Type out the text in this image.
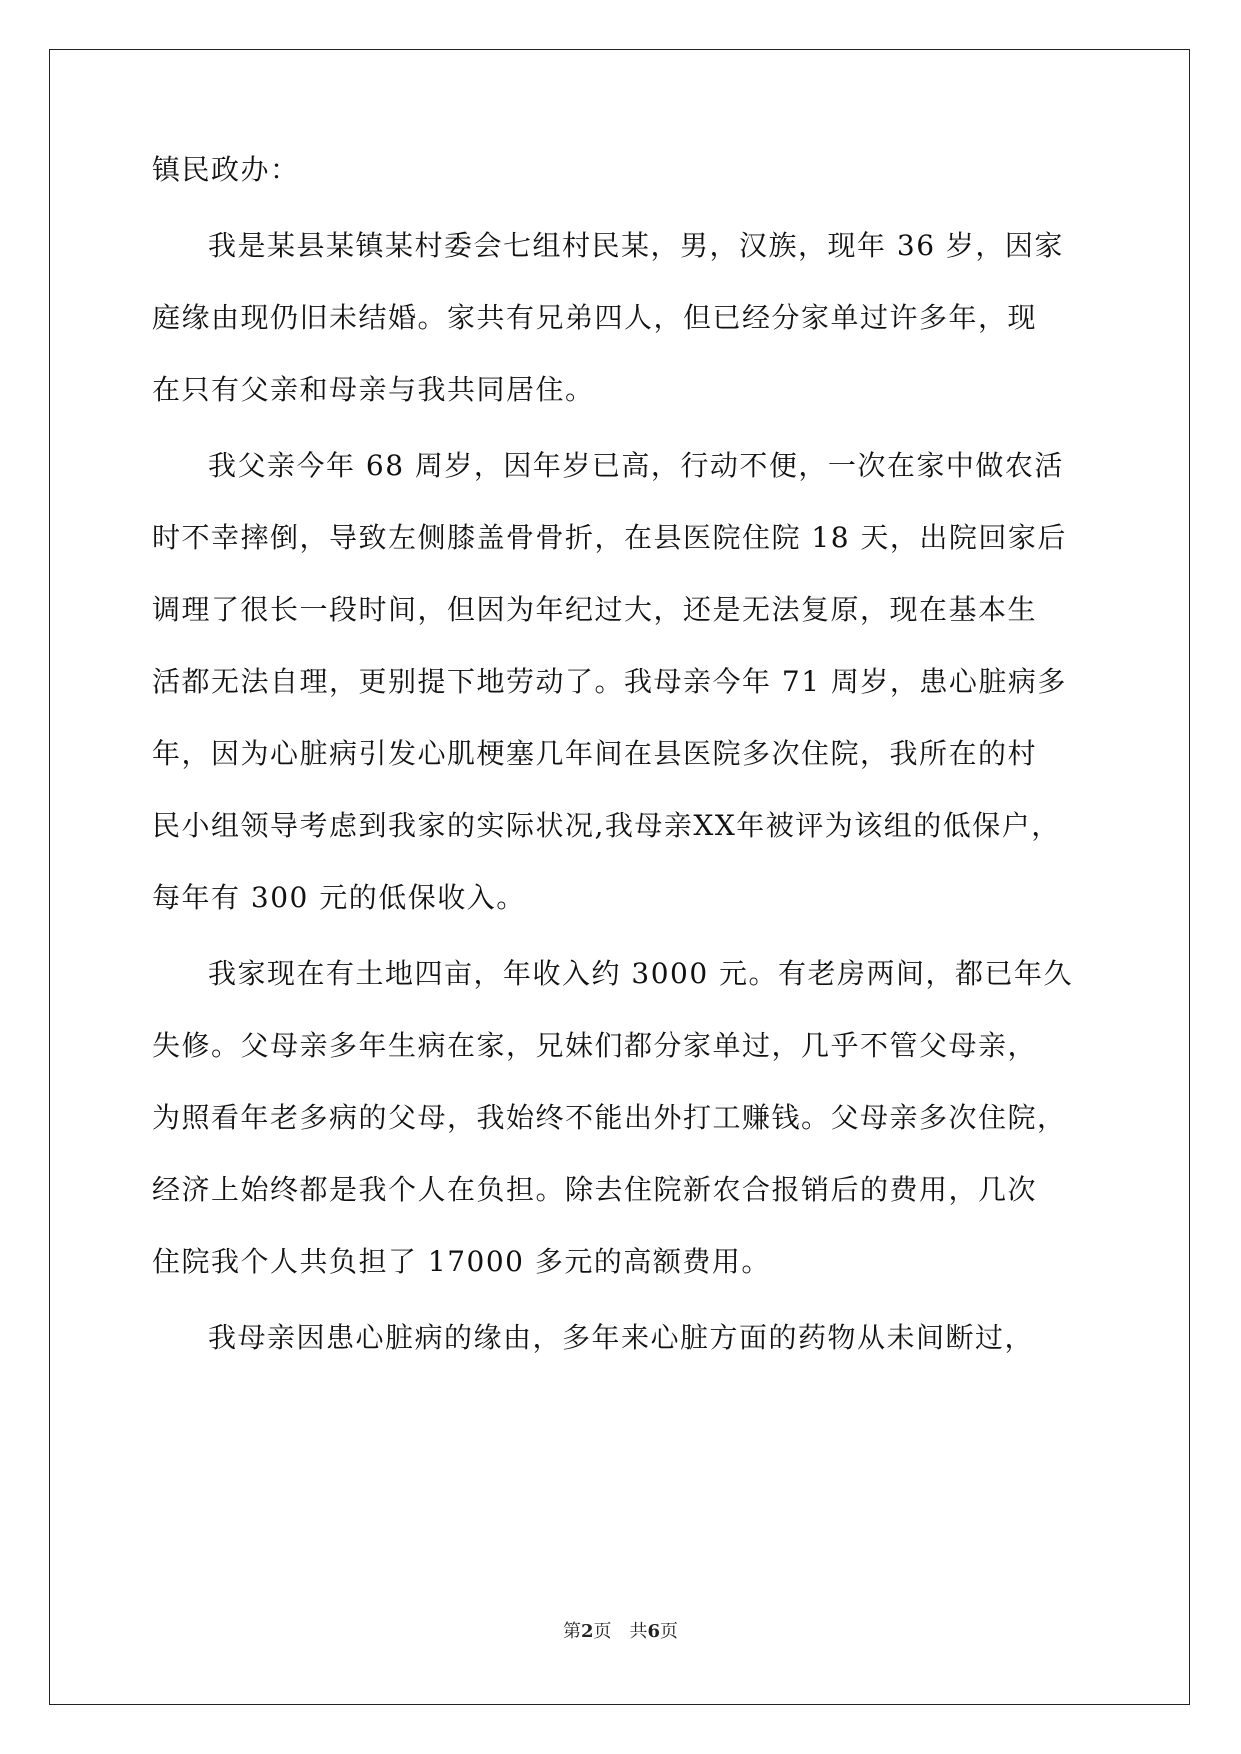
镇民政办：
我是某县某镇某村委会七组村民某，男，汉族，现年 36 岁，因家
庭缘由现仍旧未结婚。家共有兄弟四人，但已经分家单过许多年，现
在只有父亲和母亲与我共同居住。
我父亲今年 68 周岁，因年岁已高，行动不便，一次在家中做农活
时不幸摔倒，导致左侧膝盖骨骨折，在县医院住院 18 天，出院回家后
调理了很长一段时间，但因为年纪过大，还是无法复原，现在基本生
活都无法自理，更别提下地劳动了。我母亲今年 71 周岁，患心脏病多
年，因为心脏病引发心肌梗塞几年间在县医院多次住院，我所在的村
民小组领导考虑到我家的实际状况,我母亲XX年被评为该组的低保户，
每年有 300 元的低保收入。
我家现在有土地四亩，年收入约 3000 元。有老房两间，都已年久
失修。父母亲多年生病在家，兄妹们都分家单过，几乎不管父母亲，
为照看年老多病的父母，我始终不能出外打工赚钱。父母亲多次住院，
经济上始终都是我个人在负担。除去住院新农合报销后的费用，几次
住院我个人共负担了 17000 多元的高额费用。
我母亲因患心脏病的缘由，多年来心脏方面的药物从未间断过，
第2页　共6页
